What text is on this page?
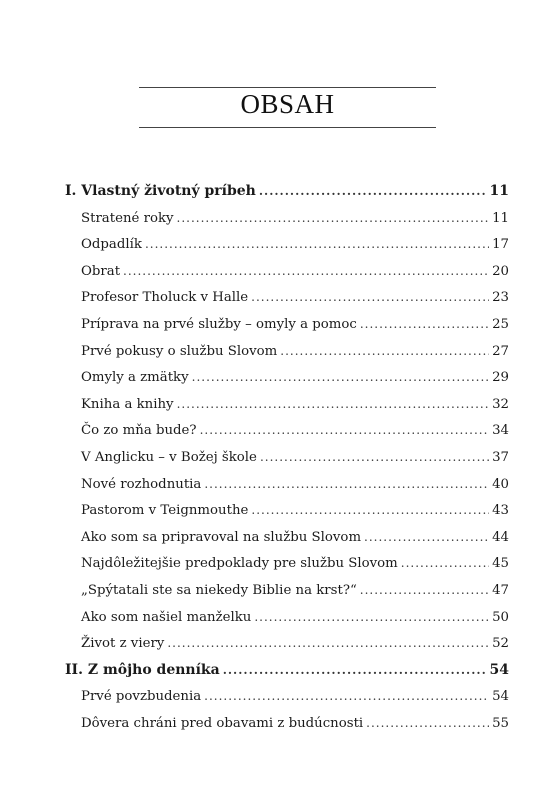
OBSAH
I. Vlastný životný príbeh .....	11
Stratené roky .....	11
Odpadlík .....	17
Obrat .....	20
Profesor Tholuck v Halle .....	23
Príprava na prvé služby – omyly a pomoc .....	25
Prvé pokusy o službu Slovom .....	27
Omyly a zmätky .....	29
Kniha a knihy .....	32
Čo zo mňa bude? .....	34
V Anglicku – v Božej škole .....	37
Nové rozhodnutia .....	40
Pastorom v Teignmouthe .....	43
Ako som sa pripravoval na službu Slovom .....	44
Najdôležitejšie predpoklady pre službu Slovom .....	45
„Spýtatali ste sa niekedy Biblie na krst?“ .....	47
Ako som našiel manželku .....	50
Život z viery .....	52
II. Z môjho denníka .....	54
Prvé povzbudenia .....	54
Dôvera chráni pred obavami z budúcnosti .....	55
